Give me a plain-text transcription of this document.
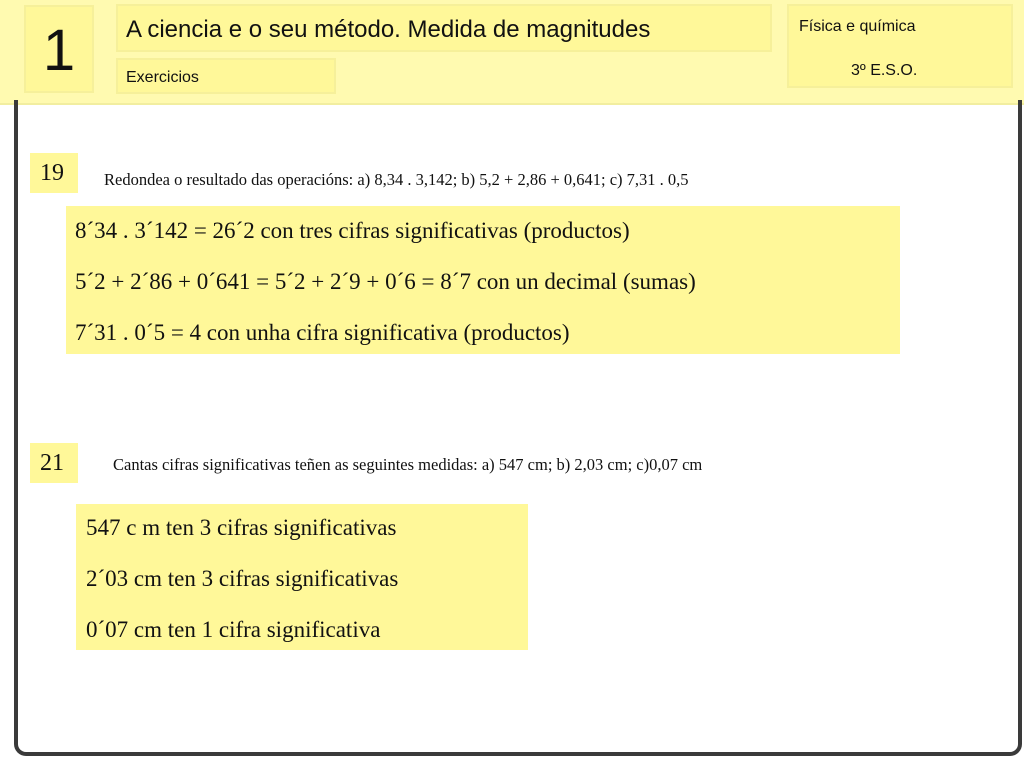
1	A ciencia e o seu método. Medida de magnitudes
Exercicios
Física e química
3º E.S.O.
19	Redondea o resultado das operacións: a) 8,34 . 3,142; b) 5,2 + 2,86 + 0,641; c) 7,31 . 0,5
8´34 . 3´142 = 26´2 con tres cifras significativas (productos)
5´2 + 2´86 + 0´641 = 5´2 + 2´9 + 0´6 = 8´7 con un decimal (sumas)
7´31 . 0´5 = 4 con unha cifra significativa (productos)
21	Cantas cifras significativas teñen as seguintes medidas: a) 547 cm; b) 2,03 cm; c)0,07 cm
547 c m ten 3 cifras significativas
2´03 cm ten 3 cifras significativas
0´07 cm ten 1 cifra significativa
